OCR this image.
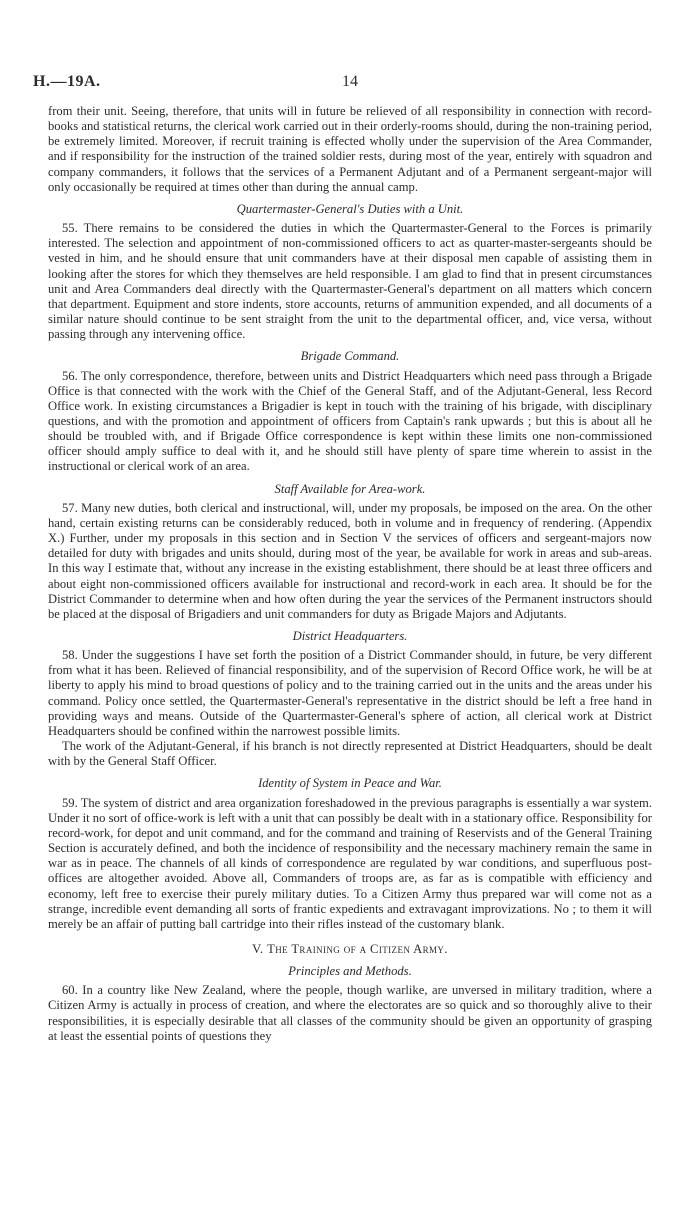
H.—19A.	14

from their unit. Seeing, therefore, that units will in future be relieved of all responsibility in connection with record-books and statistical returns, the clerical work carried out in their orderly-rooms should, during the non-training period, be extremely limited. Moreover, if recruit training is effected wholly under the supervision of the Area Commander, and if responsibility for the instruction of the trained soldier rests, during most of the year, entirely with squadron and company commanders, it follows that the services of a Permanent Adjutant and of a Permanent sergeant-major will only occasionally be required at times other than during the annual camp.

Quartermaster-General's Duties with a Unit.

55. There remains to be considered the duties in which the Quartermaster-General to the Forces is primarily interested. The selection and appointment of non-commissioned officers to act as quarter-master-sergeants should be vested in him, and he should ensure that unit commanders have at their disposal men capable of assisting them in looking after the stores for which they themselves are held responsible. I am glad to find that in present circumstances unit and Area Commanders deal directly with the Quartermaster-General's department on all matters which concern that department. Equipment and store indents, store accounts, returns of ammunition expended, and all documents of a similar nature should continue to be sent straight from the unit to the departmental officer, and, vice versa, without passing through any intervening office.

Brigade Command.

56. The only correspondence, therefore, between units and District Headquarters which need pass through a Brigade Office is that connected with the work with the Chief of the General Staff, and of the Adjutant-General, less Record Office work. In existing circumstances a Brigadier is kept in touch with the training of his brigade, with disciplinary questions, and with the promotion and appointment of officers from Captain's rank upwards ; but this is about all he should be troubled with, and if Brigade Office correspondence is kept within these limits one non-commissioned officer should amply suffice to deal with it, and he should still have plenty of spare time wherein to assist in the instructional or clerical work of an area.

Staff Available for Area-work.

57. Many new duties, both clerical and instructional, will, under my proposals, be imposed on the area. On the other hand, certain existing returns can be considerably reduced, both in volume and in frequency of rendering. (Appendix X.) Further, under my proposals in this section and in Section V the services of officers and sergeant-majors now detailed for duty with brigades and units should, during most of the year, be available for work in areas and sub-areas. In this way I estimate that, without any increase in the existing establishment, there should be at least three officers and about eight non-commissioned officers available for instructional and record-work in each area. It should be for the District Commander to determine when and how often during the year the services of the Permanent instructors should be placed at the disposal of Brigadiers and unit commanders for duty as Brigade Majors and Adjutants.

District Headquarters.

58. Under the suggestions I have set forth the position of a District Commander should, in future, be very different from what it has been. Relieved of financial responsibility, and of the supervision of Record Office work, he will be at liberty to apply his mind to broad questions of policy and to the training carried out in the units and the areas under his command. Policy once settled, the Quartermaster-General's representative in the district should be left a free hand in providing ways and means. Outside of the Quartermaster-General's sphere of action, all clerical work at District Headquarters should be confined within the narrowest possible limits.

The work of the Adjutant-General, if his branch is not directly represented at District Headquarters, should be dealt with by the General Staff Officer.

Identity of System in Peace and War.

59. The system of district and area organization foreshadowed in the previous paragraphs is essentially a war system. Under it no sort of office-work is left with a unit that can possibly be dealt with in a stationary office. Responsibility for record-work, for depot and unit command, and for the command and training of Reservists and of the General Training Section is accurately defined, and both the incidence of responsibility and the necessary machinery remain the same in war as in peace. The channels of all kinds of correspondence are regulated by war conditions, and superfluous post-offices are altogether avoided. Above all, Commanders of troops are, as far as is compatible with efficiency and economy, left free to exercise their purely military duties. To a Citizen Army thus prepared war will come not as a strange, incredible event demanding all sorts of frantic expedients and extravagant improvizations. No ; to them it will merely be an affair of putting ball cartridge into their rifles instead of the customary blank.

V. The Training of a Citizen Army.
Principles and Methods.

60. In a country like New Zealand, where the people, though warlike, are unversed in military tradition, where a Citizen Army is actually in process of creation, and where the electorates are so quick and so thoroughly alive to their responsibilities, it is especially desirable that all classes of the community should be given an opportunity of grasping at least the essential points of questions they
